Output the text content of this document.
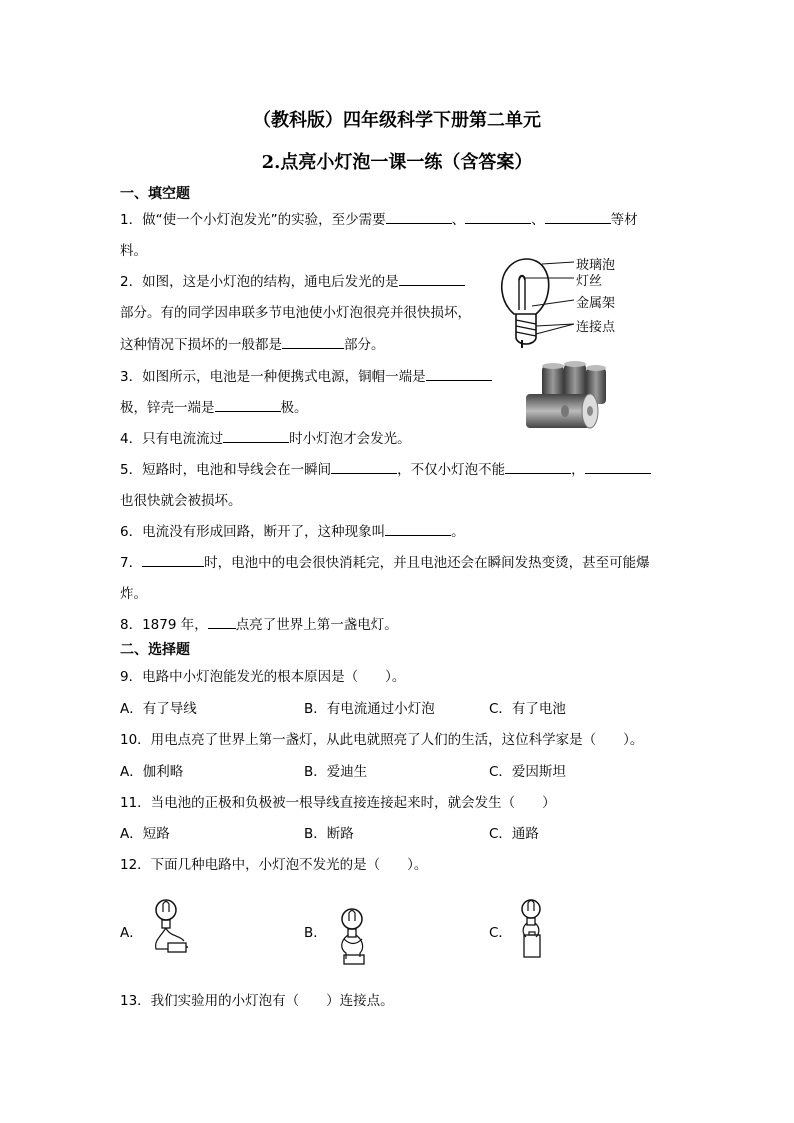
（教科版）四年级科学下册第二单元
2.点亮小灯泡一课一练（含答案）
一、填空题
1．做“使一个小灯泡发光”的实验，至少需要	、	、	等材
料。
2．如图，这是小灯泡的结构，通电后发光的是
部分。有的同学因串联多节电池使小灯泡很亮并很快损坏，
这种情况下损坏的一般都是	部分。
玻璃泡
灯丝
金属架
连接点
3．如图所示，电池是一种便携式电源，铜帽一端是
极，锌壳一端是	极。
4．只有电流流过	时小灯泡才会发光。
5．短路时，电池和导线会在一瞬间	，不仅小灯泡不能	，
也很快就会被损坏。
6．电流没有形成回路，断开了，这种现象叫	。
7．	时，电池中的电会很快消耗完，并且电池还会在瞬间发热变烫，甚至可能爆
炸。
8．1879 年， 点亮了世界上第一盏电灯。
二、选择题
9．电路中小灯泡能发光的根本原因是（　　）。
A．有了导线	B．有电流通过小灯泡	C．有了电池
10．用电点亮了世界上第一盏灯，从此电就照亮了人们的生活，这位科学家是（　　）。
A．伽利略	B．爱迪生	C．爱因斯坦
11．当电池的正极和负极被一根导线直接连接起来时，就会发生（　　）
A．短路	B．断路	C．通路
12．下面几种电路中，小灯泡不发光的是（　　）。
A．	B．	C．
13．我们实验用的小灯泡有（　　）连接点。
